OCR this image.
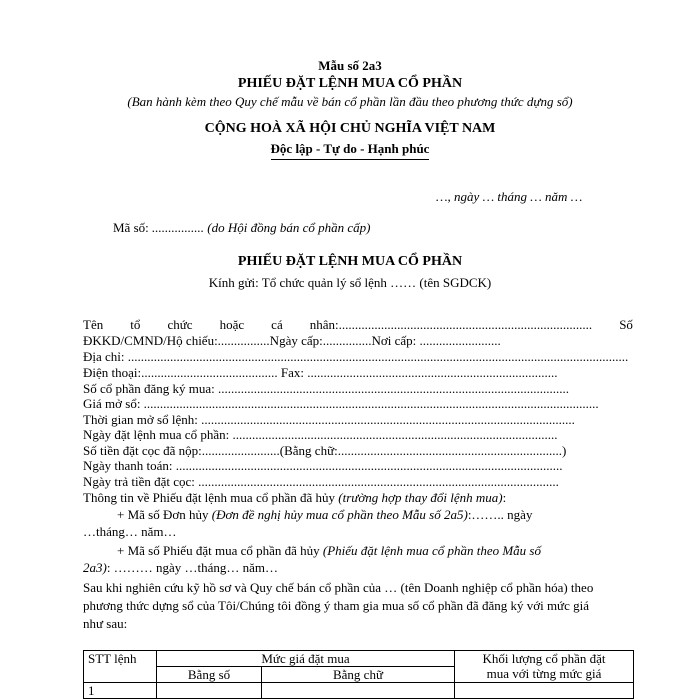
Mẫu số 2a3
PHIẾU ĐẶT LỆNH MUA CỔ PHẦN
(Ban hành kèm theo Quy chế mẫu về bán cổ phần lần đầu theo phương thức dựng sổ)
CỘNG HOÀ XÃ HỘI CHỦ NGHĨA VIỆT NAM
Độc lập - Tự do - Hạnh phúc
…, ngày … tháng … năm …
Mã số: ................ (do Hội đồng bán cổ phần cấp)
PHIẾU ĐẶT LỆNH MUA CỔ PHẦN
Kính gửi: Tổ chức quản lý sổ lệnh …… (tên SGDCK)
Tên tổ chức hoặc cá nhân:.............................................................................. Số
ĐKKD/CMND/Hộ chiếu:................Ngày cấp:...............Nơi cấp: .........................
Địa chỉ: ..........................................................................................................................................................
Điện thoại:.......................................... Fax: .............................................................................
Số cổ phần đăng ký mua: ............................................................................................................
Giá mở sổ: ............................................................................................................................................
Thời gian mở sổ lệnh: ...................................................................................................................
Ngày đặt lệnh mua cổ phần: ....................................................................................................
Số tiền đặt cọc đã nộp:........................(Bằng chữ:.....................................................................)
Ngày thanh toán: .......................................................................................................................
Ngày trả tiền đặt cọc: ...............................................................................................................
Thông tin về Phiếu đặt lệnh mua cổ phần đã hủy (trường hợp thay đổi lệnh mua):
+ Mã số Đơn hủy (Đơn đề nghị hủy mua cổ phần theo Mẫu số 2a5):…….. ngày
…tháng… năm…
+ Mã số Phiếu đặt mua cổ phần đã hủy (Phiếu đặt lệnh mua cổ phần theo Mẫu số
2a3): ……… ngày …tháng… năm…
Sau khi nghiên cứu kỹ hồ sơ và Quy chế bán cổ phần của … (tên Doanh nghiệp cổ phần hóa) theo
phương thức dựng sổ của Tôi/Chúng tôi đồng ý tham gia mua số cổ phần đã đăng ký với mức giá
như sau:
STT lệnh	Mức giá đặt mua		Khối lượng cổ phần đặt
mua với từng mức giá

	Bằng số	Bằng chữ	
1			
